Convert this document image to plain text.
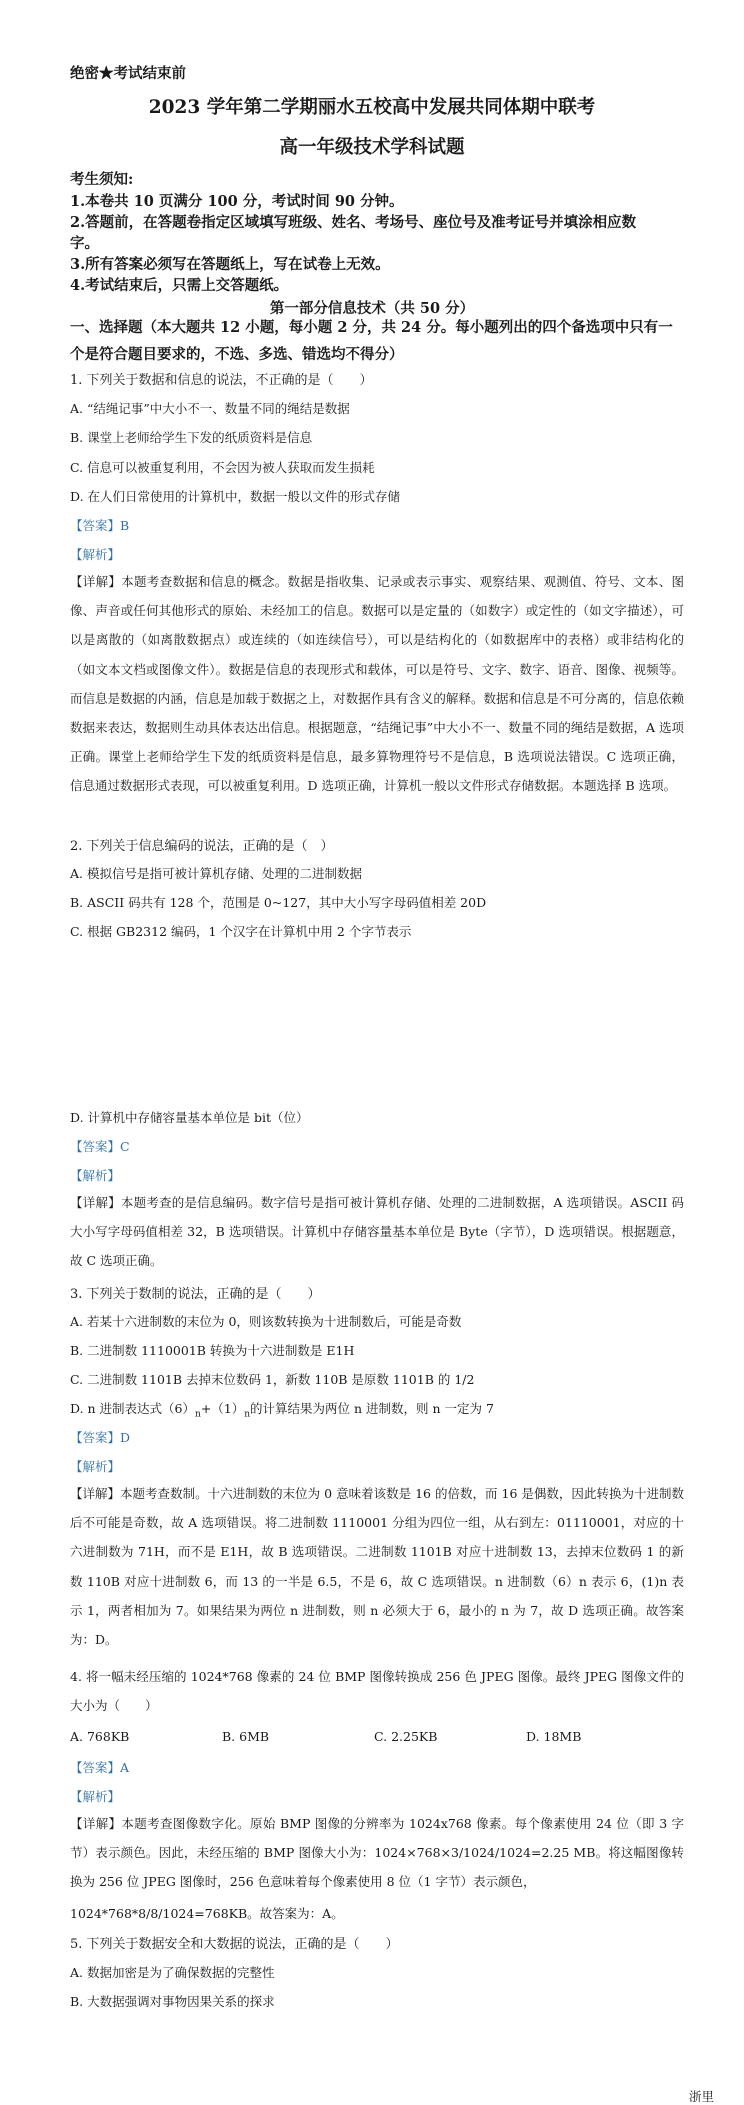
绝密★考试结束前
2023 学年第二学期丽水五校高中发展共同体期中联考
高一年级技术学科试题
考生须知:
1.本卷共 10 页满分 100 分，考试时间 90 分钟。
2.答题前，在答题卷指定区域填写班级、姓名、考场号、座位号及准考证号并填涂相应数
字。
3.所有答案必须写在答题纸上，写在试卷上无效。
4.考试结束后，只需上交答题纸。
第一部分信息技术（共 50 分）
一、选择题（本大题共 12 小题，每小题 2 分，共 24 分。每小题列出的四个备选项中只有一个是符合题目要求的，不选、多选、错选均不得分）
1. 下列关于数据和信息的说法，不正确的是（　　）
A. “结绳记事”中大小不一、数量不同的绳结是数据
B. 课堂上老师给学生下发的纸质资料是信息
C. 信息可以被重复利用，不会因为被人获取而发生损耗
D. 在人们日常使用的计算机中，数据一般以文件的形式存储
【答案】B
【解析】
【详解】本题考查数据和信息的概念。数据是指收集、记录或表示事实、观察结果、观测值、符号、文本、图像、声音或任何其他形式的原始、未经加工的信息。数据可以是定量的（如数字）或定性的（如文字描述），可以是离散的（如离散数据点）或连续的（如连续信号），可以是结构化的（如数据库中的表格）或非结构化的（如文本文档或图像文件）。数据是信息的表现形式和载体，可以是符号、文字、数字、语音、图像、视频等。而信息是数据的内涵，信息是加载于数据之上，对数据作具有含义的解释。数据和信息是不可分离的，信息依赖数据来表达，数据则生动具体表达出信息。根据题意，“结绳记事”中大小不一、数量不同的绳结是数据，A 选项正确。课堂上老师给学生下发的纸质资料是信息，最多算物理符号不是信息，B 选项说法错误。C 选项正确，信息通过数据形式表现，可以被重复利用。D 选项正确，计算机一般以文件形式存储数据。本题选择 B 选项。
2. 下列关于信息编码的说法，正确的是（　）
A. 模拟信号是指可被计算机存储、处理的二进制数据
B. ASCII 码共有 128 个，范围是 0~127，其中大小写字母码值相差 20D
C. 根据 GB2312 编码，1 个汉字在计算机中用 2 个字节表示
D. 计算机中存储容量基本单位是 bit（位）
【答案】C
【解析】
【详解】本题考查的是信息编码。数字信号是指可被计算机存储、处理的二进制数据，A 选项错误。ASCII 码大小写字母码值相差 32，B 选项错误。计算机中存储容量基本单位是 Byte（字节），D 选项错误。根据题意，故 C 选项正确。
3. 下列关于数制的说法，正确的是（　　）
A. 若某十六进制数的末位为 0，则该数转换为十进制数后，可能是奇数
B. 二进制数 1110001B 转换为十六进制数是 E1H
C. 二进制数 1101B 去掉末位数码 1，新数 110B 是原数 1101B 的 1/2
D. n 进制表达式$(6)_n+(1)_n$的计算结果为两位 n 进制数，则 n 一定为 7
【答案】D
【解析】
【详解】本题考查数制。十六进制数的末位为 0 意味着该数是 16 的倍数，而 16 是偶数，因此转换为十进制数后不可能是奇数，故 A 选项错误。将二进制数 1110001 分组为四位一组，从右到左：01110001，对应的十六进制数为 71H，而不是 E1H，故 B 选项错误。二进制数 1101B 对应十进制数 13，去掉末位数码 1 的新数 110B 对应十进制数 6，而 13 的一半是 6.5，不是 6，故 C 选项错误。n 进制数（6）n 表示 6，(1)n 表示 1，两者相加为 7。如果结果为两位 n 进制数，则 n 必须大于 6，最小的 n 为 7，故 D 选项正确。故答案为：D。
4. 将一幅未经压缩的 1024*768 像素的 24 位 BMP 图像转换成 256 色 JPEG 图像。最终 JPEG 图像文件的大小为（　　）
A. 768KB	B. 6MB	C. 2.25KB	D. 18MB
【答案】A
【解析】
【详解】本题考查图像数字化。原始 BMP 图像的分辨率为 1024x768 像素。每个像素使用 24 位（即 3 字节）表示颜色。因此，未经压缩的 BMP 图像大小为：1024×768×3/1024/1024=2.25 MB。将这幅图像转换为 256 位 JPEG 图像时，256 色意味着每个像素使用 8 位（1 字节）表示颜色，
1024*768*8/8/1024=768KB。故答案为：A。
5. 下列关于数据安全和大数据的说法，正确的是（　　）
A. 数据加密是为了确保数据的完整性
B. 大数据强调对事物因果关系的探求
浙里
